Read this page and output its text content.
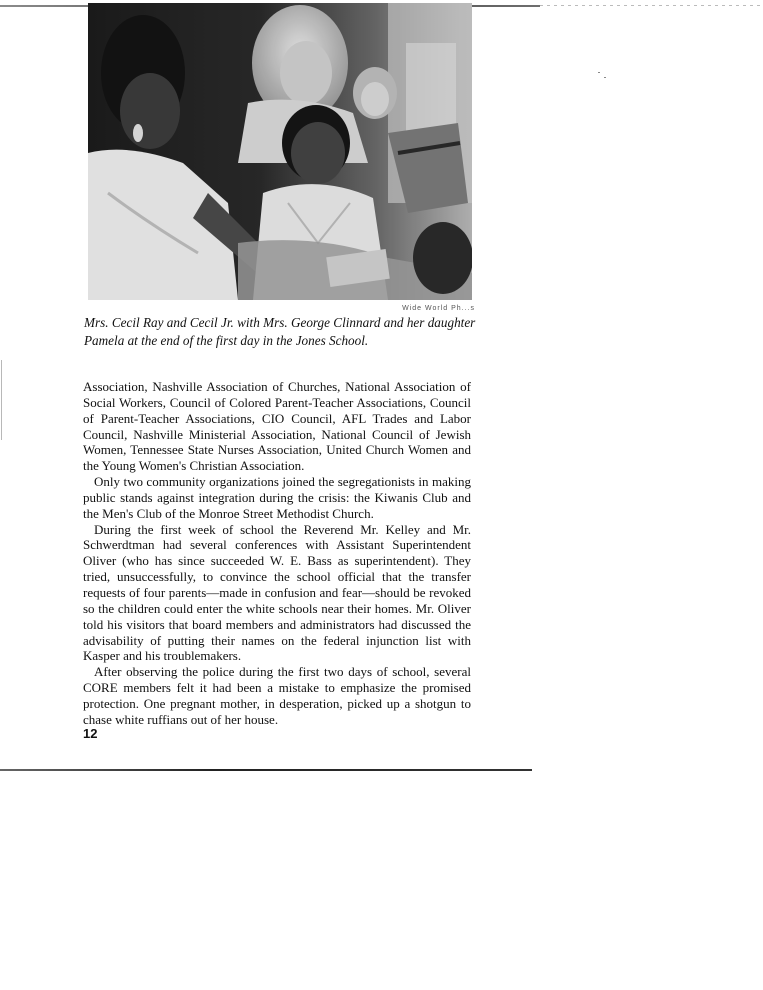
Wide World Ph...s
Mrs. Cecil Ray and Cecil Jr. with Mrs. George Clinnard and her daughter
Pamela at the end of the first day in the Jones School.

Association, Nashville Association of Churches, National Association of Social Workers, Council of Colored Parent-Teacher Associations, Council of Parent-Teacher Associations, CIO Council, AFL Trades and Labor Council, Nashville Ministerial Association, National Council of Jewish Women, Tennessee State Nurses Association, United Church Women and the Young Women's Christian Association.

Only two community organizations joined the segregationists in making public stands against integration during the crisis: the Kiwanis Club and the Men's Club of the Monroe Street Methodist Church.

During the first week of school the Reverend Mr. Kelley and Mr. Schwerdtman had several conferences with Assistant Superintendent Oliver (who has since succeeded W. E. Bass as superintendent). They tried, unsuccessfully, to convince the school official that the transfer requests of four parents—made in confusion and fear—should be revoked so the children could enter the white schools near their homes. Mr. Oliver told his visitors that board members and administrators had discussed the advisability of putting their names on the federal injunction list with Kasper and his troublemakers.

After observing the police during the first two days of school, several CORE members felt it had been a mistake to emphasize the promised protection. One pregnant mother, in desperation, picked up a shotgun to chase white ruffians out of her house.

12
